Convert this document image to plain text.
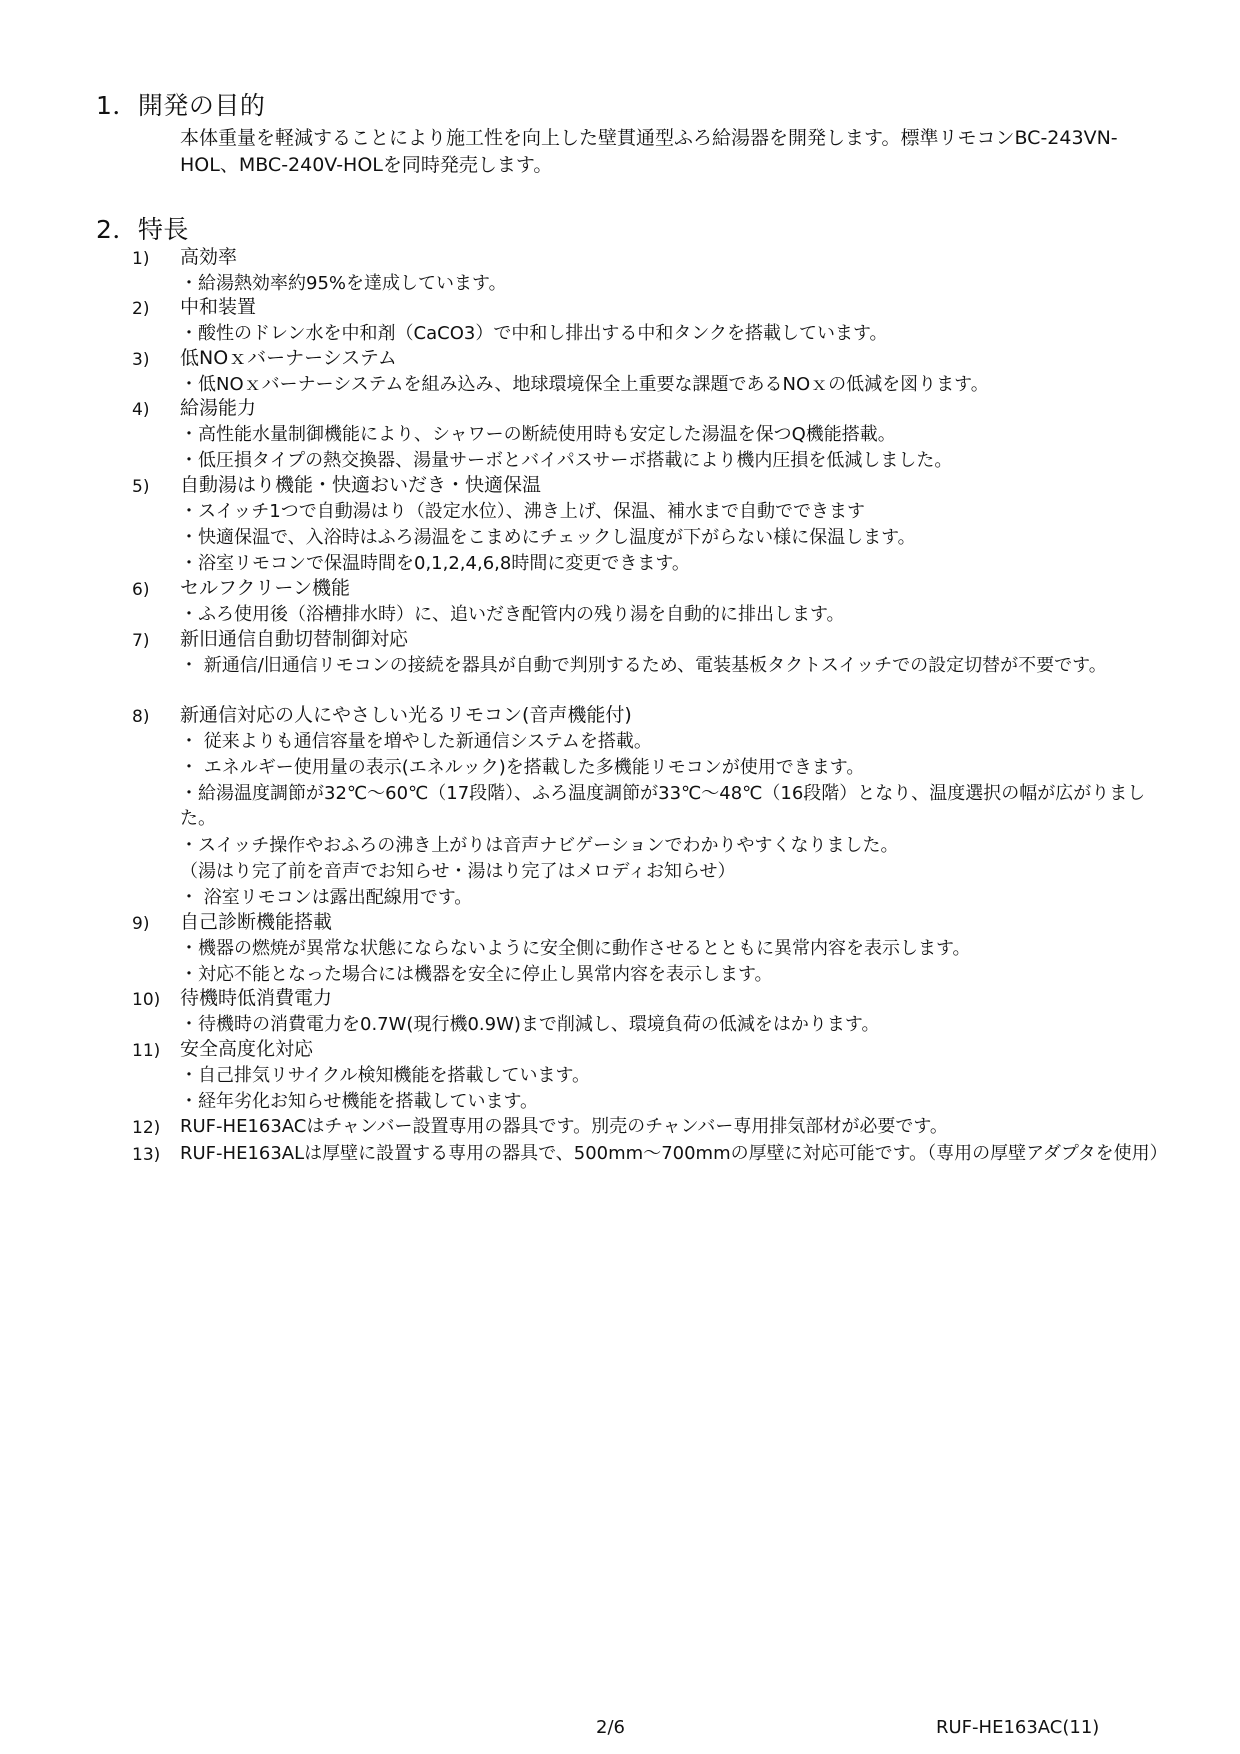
1．開発の目的
本体重量を軽減することにより施工性を向上した壁貫通型ふろ給湯器を開発します。標準リモコンBC-243VN-HOL、MBC-240V-HOLを同時発売します。
2．特長
1) 高効率
・給湯熱効率約95%を達成しています。
2) 中和装置
・酸性のドレン水を中和剤（CaCO3）で中和し排出する中和タンクを搭載しています。
3) 低NOｘバーナーシステム
・低NOｘバーナーシステムを組み込み、地球環境保全上重要な課題であるNOｘの低減を図ります。
4) 給湯能力
・高性能水量制御機能により、シャワーの断続使用時も安定した湯温を保つQ機能搭載。
・低圧損タイプの熱交換器、湯量サーボとバイパスサーボ搭載により機内圧損を低減しました。
5) 自動湯はり機能・快適おいだき・快適保温
・スイッチ1つで自動湯はり（設定水位）、沸き上げ、保温、補水まで自動でできます
・快適保温で、入浴時はふろ湯温をこまめにチェックし温度が下がらない様に保温します。
・浴室リモコンで保温時間を0,1,2,4,6,8時間に変更できます。
6) セルフクリーン機能
・ふろ使用後（浴槽排水時）に、追いだき配管内の残り湯を自動的に排出します。
7) 新旧通信自動切替制御対応
・ 新通信/旧通信リモコンの接続を器具が自動で判別するため、電装基板タクトスイッチでの設定切替が不要です。
8) 新通信対応の人にやさしい光るリモコン(音声機能付)
・ 従来よりも通信容量を増やした新通信システムを搭載。
・ エネルギー使用量の表示(エネルック)を搭載した多機能リモコンが使用できます。
・給湯温度調節が32℃～60℃（17段階）、ふろ温度調節が33℃～48℃（16段階）となり、温度選択の幅が広がりました。
・スイッチ操作やおふろの沸き上がりは音声ナビゲーションでわかりやすくなりました。
（湯はり完了前を音声でお知らせ・湯はり完了はメロディお知らせ）
・ 浴室リモコンは露出配線用です。
9) 自己診断機能搭載
・機器の燃焼が異常な状態にならないように安全側に動作させるとともに異常内容を表示します。
・対応不能となった場合には機器を安全に停止し異常内容を表示します。
10) 待機時低消費電力
・待機時の消費電力を0.7W(現行機0.9W)まで削減し、環境負荷の低減をはかります。
11) 安全高度化対応
・自己排気リサイクル検知機能を搭載しています。
・経年劣化お知らせ機能を搭載しています。
12) RUF-HE163ACはチャンバー設置専用の器具です。別売のチャンバー専用排気部材が必要です。
13) RUF-HE163ALは厚壁に設置する専用の器具で、500mm～700mmの厚壁に対応可能です。（専用の厚壁アダプタを使用）
2/6	RUF-HE163AC(11)
